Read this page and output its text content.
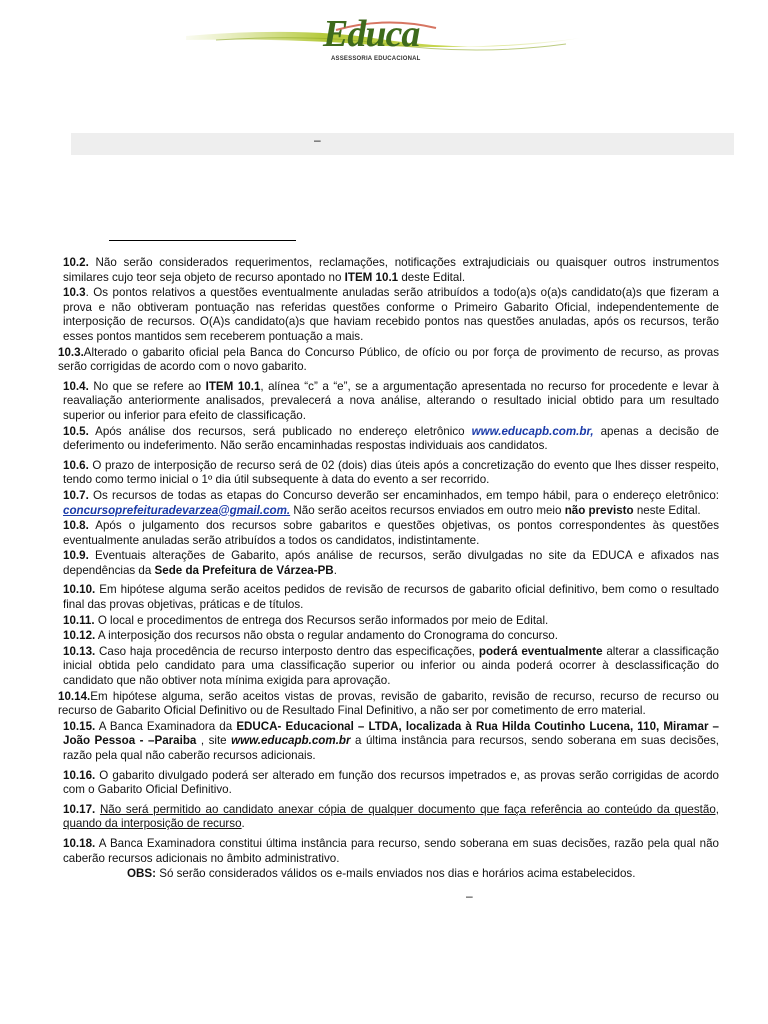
Educa
ASSESSORIA EDUCACIONAL
–

10.2. Não serão considerados requerimentos, reclamações, notificações extrajudiciais ou quaisquer outros instrumentos similares cujo teor seja objeto de recurso apontado no ITEM 10.1 deste Edital.

10.3. Os pontos relativos a questões eventualmente anuladas serão atribuídos a todo(a)s o(a)s candidato(a)s que fizeram a prova e não obtiveram pontuação nas referidas questões conforme o Primeiro Gabarito Oficial, independentemente de interposição de recursos. O(A)s candidato(a)s que haviam recebido pontos nas questões anuladas, após os recursos, terão esses pontos mantidos sem receberem pontuação a mais.

10.3.Alterado o gabarito oficial pela Banca do Concurso Público, de ofício ou por força de provimento de recurso, as provas serão corrigidas de acordo com o novo gabarito.

10.4. No que se refere ao ITEM 10.1, alínea “c” a “e”, se a argumentação apresentada no recurso for procedente e levar à reavaliação anteriormente analisados, prevalecerá a nova análise, alterando o resultado inicial obtido para um resultado superior ou inferior para efeito de classificação.

10.5. Após análise dos recursos, será publicado no endereço eletrônico www.educapb.com.br, apenas a decisão de deferimento ou indeferimento. Não serão encaminhadas respostas individuais aos candidatos.

10.6. O prazo de interposição de recurso será de 02 (dois) dias úteis após a concretização do evento que lhes disser respeito, tendo como termo inicial o 1º dia útil subsequente à data do evento a ser recorrido.

10.7. Os recursos de todas as etapas do Concurso deverão ser encaminhados, em tempo hábil, para o endereço eletrônico: concursoprefeituradevarzea@gmail.com. Não serão aceitos recursos enviados em outro meio não previsto neste Edital.

10.8. Após o julgamento dos recursos sobre gabaritos e questões objetivas, os pontos correspondentes às questões eventualmente anuladas serão atribuídos a todos os candidatos, indistintamente.

10.9. Eventuais alterações de Gabarito, após análise de recursos, serão divulgadas no site da EDUCA e afixados nas dependências da Sede da Prefeitura de Várzea-PB.

10.10. Em hipótese alguma serão aceitos pedidos de revisão de recursos de gabarito oficial definitivo, bem como o resultado final das provas objetivas, práticas e de títulos.

10.11. O local e procedimentos de entrega dos Recursos serão informados por meio de Edital.

10.12. A interposição dos recursos não obsta o regular andamento do Cronograma do concurso.

10.13. Caso haja procedência de recurso interposto dentro das especificações, poderá eventualmente alterar a classificação inicial obtida pelo candidato para uma classificação superior ou inferior ou ainda poderá ocorrer à desclassificação do candidato que não obtiver nota mínima exigida para aprovação.

10.14.Em hipótese alguma, serão aceitos vistas de provas, revisão de gabarito, revisão de recurso, recurso de recurso ou recurso de Gabarito Oficial Definitivo ou de Resultado Final Definitivo, a não ser por cometimento de erro material.

10.15. A Banca Examinadora da EDUCA- Educacional – LTDA, localizada à Rua Hilda Coutinho Lucena, 110, Miramar – João Pessoa - –Paraiba , site www.educapb.com.br a última instância para recursos, sendo soberana em suas decisões, razão pela qual não caberão recursos adicionais.

10.16. O gabarito divulgado poderá ser alterado em função dos recursos impetrados e, as provas serão corrigidas de acordo com o Gabarito Oficial Definitivo.

10.17. Não será permitido ao candidato anexar cópia de qualquer documento que faça referência ao conteúdo da questão, quando da interposição de recurso.

10.18. A Banca Examinadora constitui última instância para recurso, sendo soberana em suas decisões, razão pela qual não caberão recursos adicionais no âmbito administrativo.

OBS: Só serão considerados válidos os e-mails enviados nos dias e horários acima estabelecidos.

–
